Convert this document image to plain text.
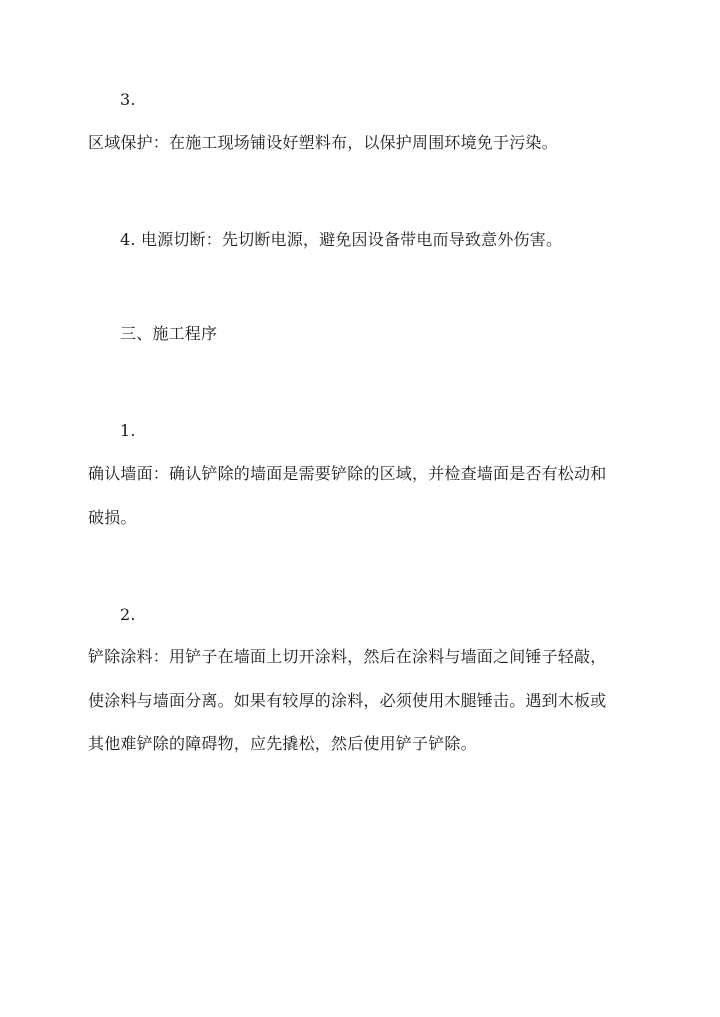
3.
区域保护：在施工现场铺设好塑料布，以保护周围环境免于污染。
4. 电源切断：先切断电源，避免因设备带电而导致意外伤害。
三、施工程序
1.
确认墙面：确认铲除的墙面是需要铲除的区域，并检查墙面是否有松动和
破损。
2.
铲除涂料：用铲子在墙面上切开涂料，然后在涂料与墙面之间锤子轻敲，
使涂料与墙面分离。如果有较厚的涂料，必须使用木腿锤击。遇到木板或
其他难铲除的障碍物，应先撬松，然后使用铲子铲除。
